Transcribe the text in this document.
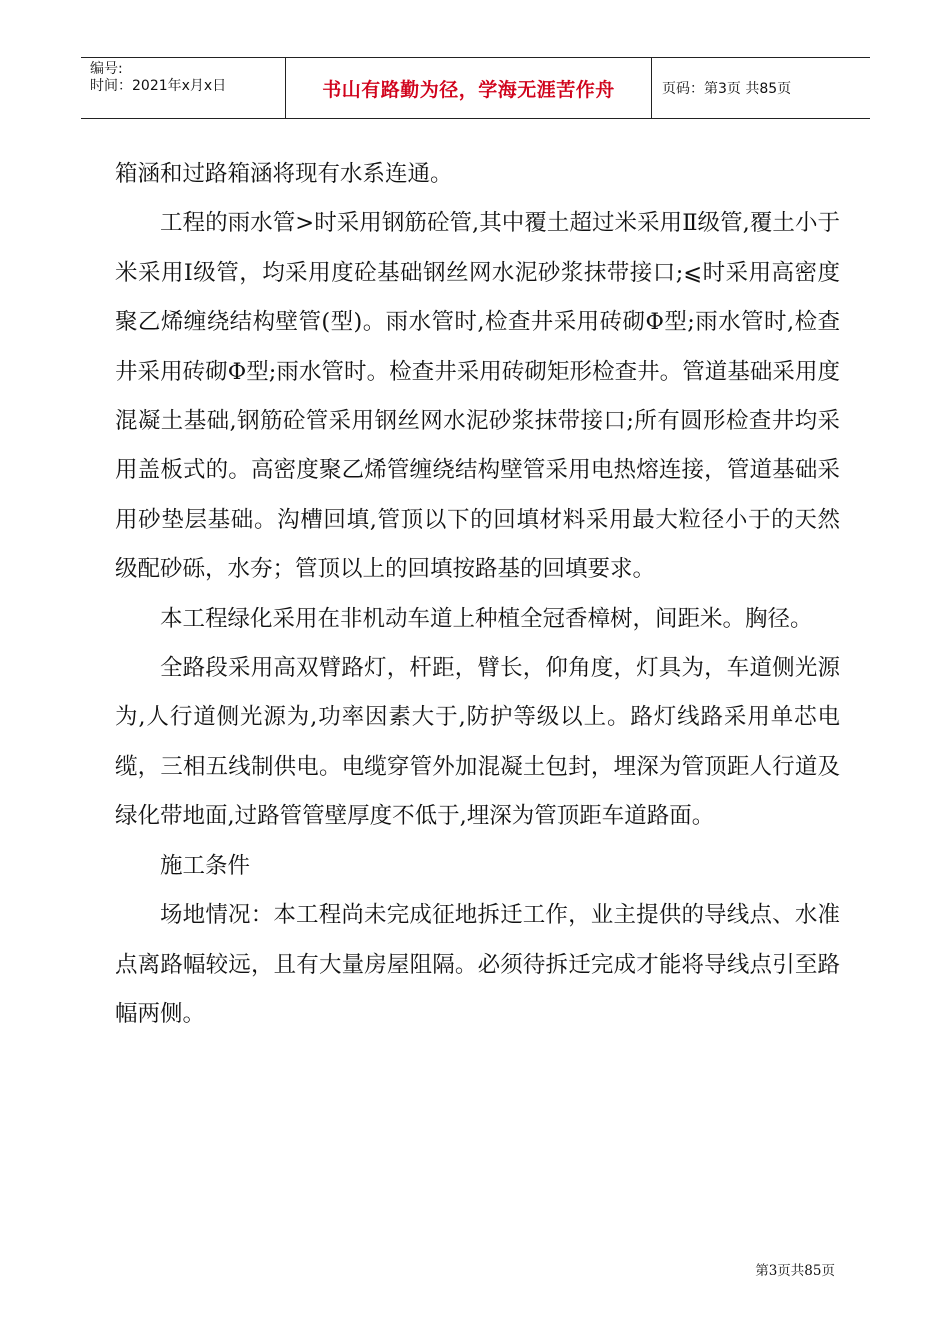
编号:
时间：2021年x月x日	书山有路勤为径，学海无涯苦作舟	页码：第3页 共85页

箱涵和过路箱涵将现有水系连通。

工程的雨水管>时采用钢筋砼管,其中覆土超过米采用Ⅱ级管,覆土小于米采用Ⅰ级管，均采用度砼基础钢丝网水泥砂浆抹带接口;⩽时采用高密度聚乙烯缠绕结构壁管(型)。雨水管时,检查井采用砖砌Φ型;雨水管时,检查井采用砖砌Φ型;雨水管时。检查井采用砖砌矩形检查井。管道基础采用度混凝土基础,钢筋砼管采用钢丝网水泥砂浆抹带接口;所有圆形检查井均采用盖板式的。高密度聚乙烯管缠绕结构壁管采用电热熔连接，管道基础采用砂垫层基础。沟槽回填,管顶以下的回填材料采用最大粒径小于的天然级配砂砾，水夯；管顶以上的回填按路基的回填要求。

本工程绿化采用在非机动车道上种植全冠香樟树，间距米。胸径。

全路段采用高双臂路灯，杆距，臂长，仰角度，灯具为，车道侧光源为,人行道侧光源为,功率因素大于,防护等级以上。路灯线路采用单芯电缆，三相五线制供电。电缆穿管外加混凝土包封，埋深为管顶距人行道及绿化带地面,过路管管壁厚度不低于,埋深为管顶距车道路面。

施工条件

场地情况：本工程尚未完成征地拆迁工作，业主提供的导线点、水准点离路幅较远，且有大量房屋阻隔。必须待拆迁完成才能将导线点引至路幅两侧。

第3页共85页
